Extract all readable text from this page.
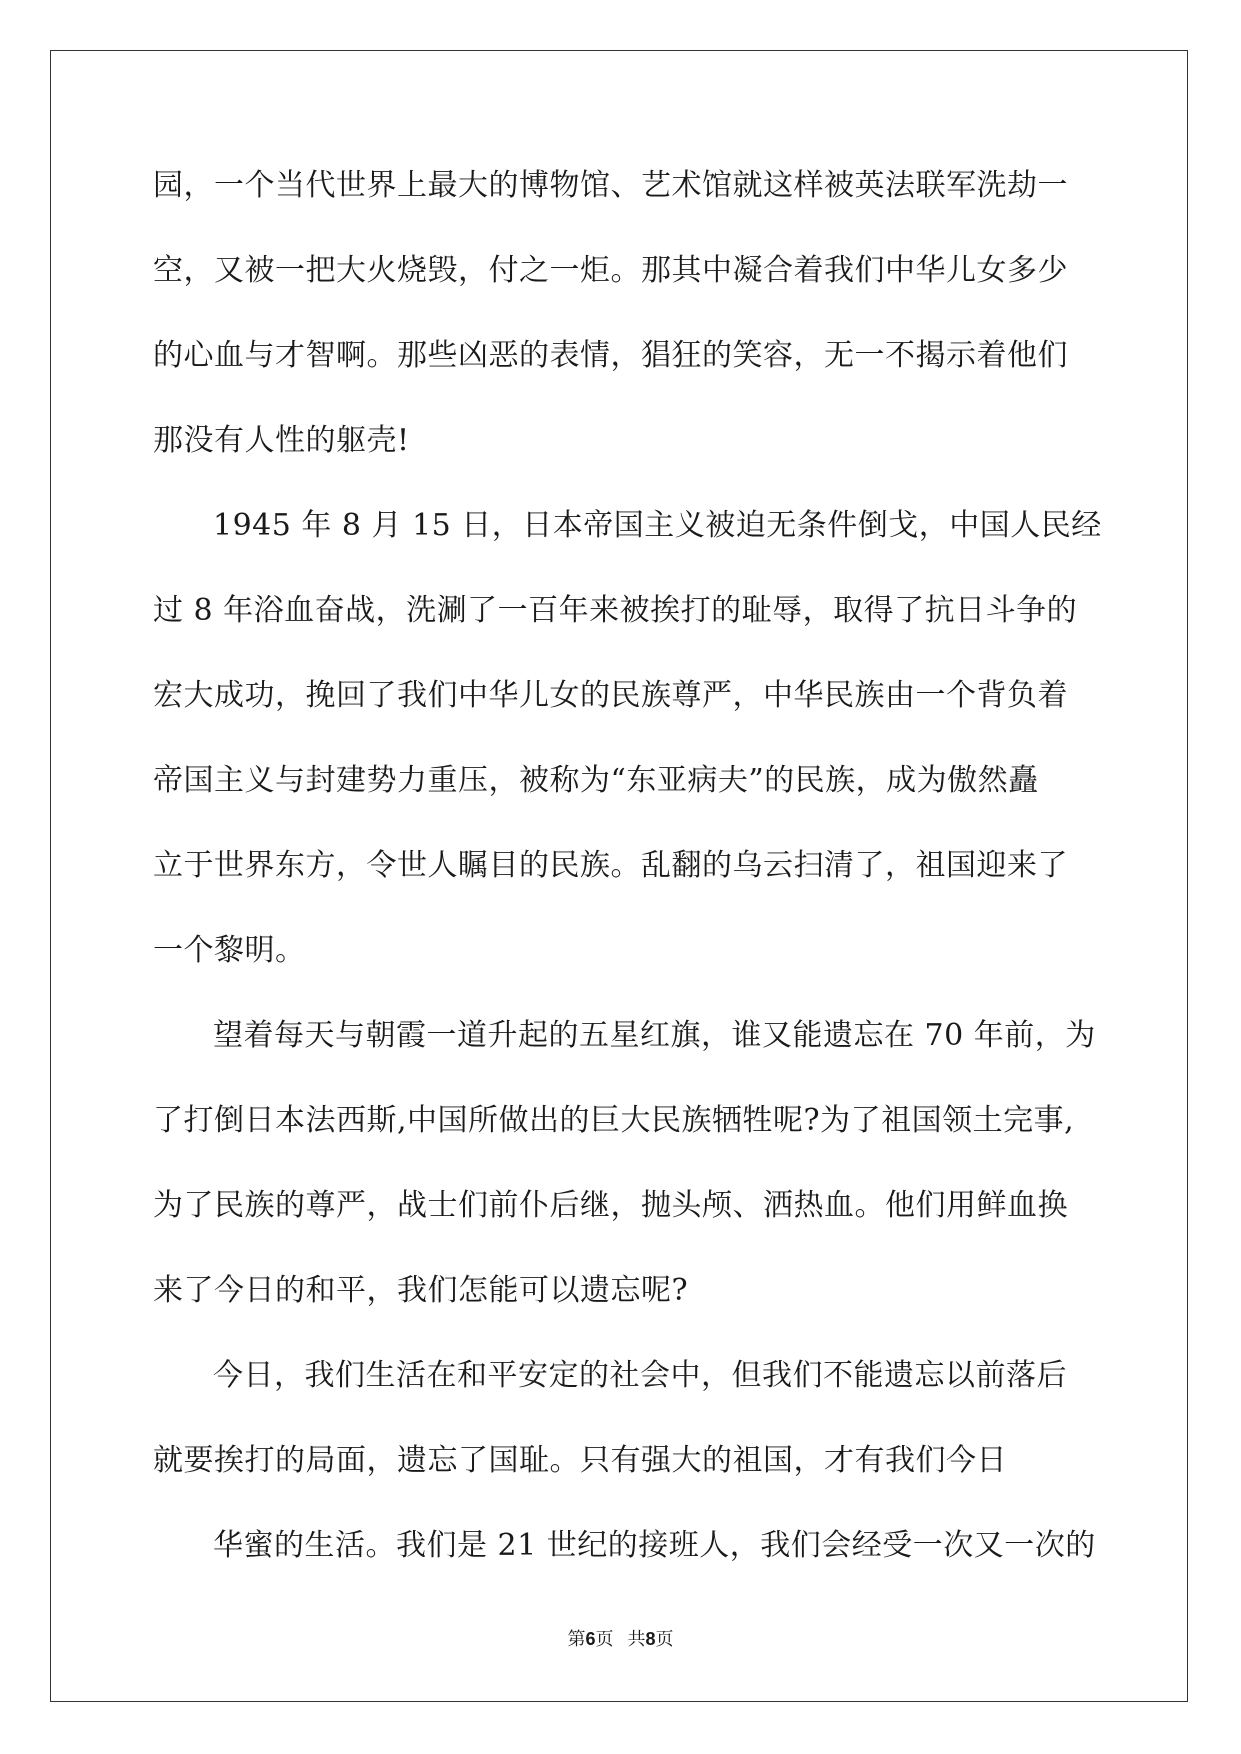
园，一个当代世界上最大的博物馆、艺术馆就这样被英法联军洗劫一
空，又被一把大火烧毁，付之一炬。那其中凝合着我们中华儿女多少
的心血与才智啊。那些凶恶的表情，猖狂的笑容，无一不揭示着他们
那没有人性的躯壳!
1945 年 8 月 15 日，日本帝国主义被迫无条件倒戈，中国人民经
过 8 年浴血奋战，洗涮了一百年来被挨打的耻辱，取得了抗日斗争的
宏大成功，挽回了我们中华儿女的民族尊严，中华民族由一个背负着
帝国主义与封建势力重压，被称为“东亚病夫”的民族，成为傲然矗
立于世界东方，令世人瞩目的民族。乱翻的乌云扫清了，祖国迎来了
一个黎明。
望着每天与朝霞一道升起的五星红旗，谁又能遗忘在 70 年前，为
了打倒日本法西斯,中国所做出的巨大民族牺牲呢?为了祖国领土完事,
为了民族的尊严，战士们前仆后继，抛头颅、洒热血。他们用鲜血换
来了今日的和平，我们怎能可以遗忘呢?
今日，我们生活在和平安定的社会中，但我们不能遗忘以前落后
就要挨打的局面，遗忘了国耻。只有强大的祖国，才有我们今日
华蜜的生活。我们是 21 世纪的接班人，我们会经受一次又一次的
第6页 共8页
